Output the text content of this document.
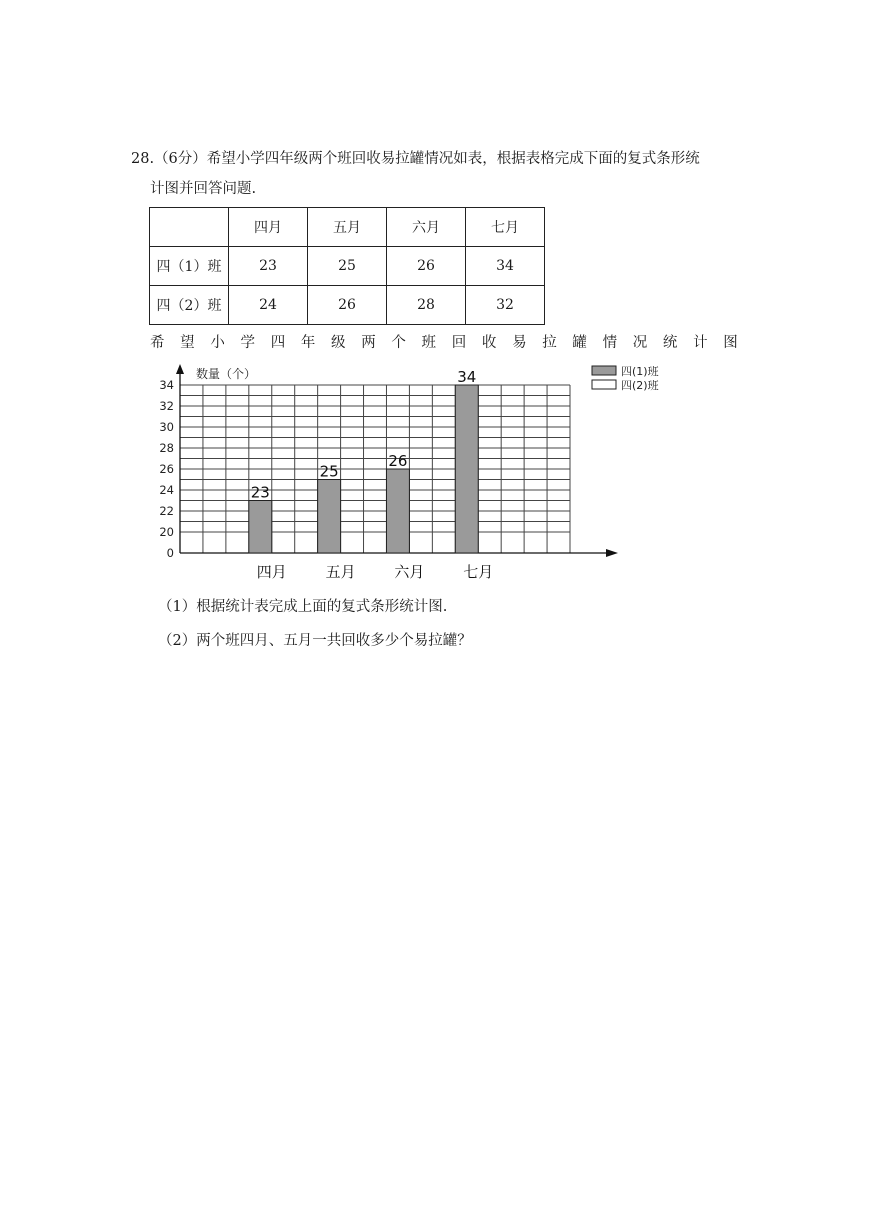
28.（6分）希望小学四年级两个班回收易拉罐情况如表，根据表格完成下面的复式条形统
计图并回答问题.
	四月	五月	六月	七月
四（1）班	23	25	26	34
四（2）班	24	26	28	32
希 望 小 学 四 年 级 两 个 班 回 收 易 拉 罐 情 况 统 计 图
数量（个）
0
20
22
24
26
28
30
32
34
23
25
26
34
四月	五月	六月	七月
四(1)班
四(2)班
（1）根据统计表完成上面的复式条形统计图.
（2）两个班四月、五月一共回收多少个易拉罐？
